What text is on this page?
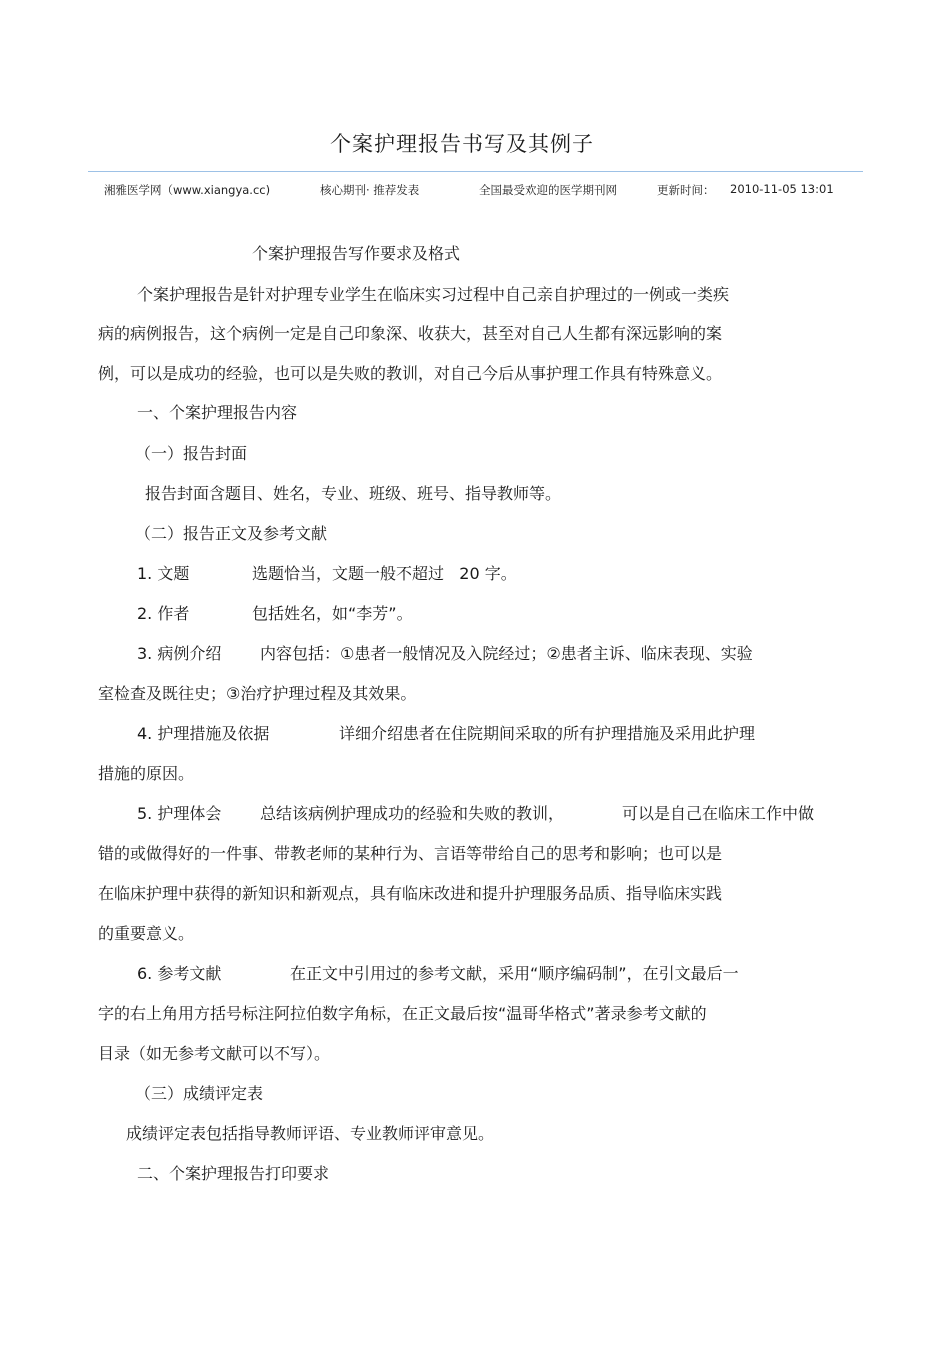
个案护理报告书写及其例子
湘雅医学网（www.xiangya.cc)	核心期刊· 推荐发表	全国最受欢迎的医学期刊网	更新时间： 2010-11-05 13:01
个案护理报告写作要求及格式
个案护理报告是针对护理专业学生在临床实习过程中自己亲自护理过的一例或一类疾
病的病例报告，这个病例一定是自己印象深、收获大，甚至对自己人生都有深远影响的案
例，可以是成功的经验，也可以是失败的教训，对自己今后从事护理工作具有特殊意义。
一、个案护理报告内容
（一）报告封面
报告封面含题目、姓名，专业、班级、班号、指导教师等。
（二）报告正文及参考文献
1. 文题	选题恰当，文题一般不超过   20 字。
2. 作者	包括姓名，如“李芳”。
3. 病例介绍 内容包括：①患者一般情况及入院经过；②患者主诉、临床表现、实验
室检查及既往史；③治疗护理过程及其效果。
4. 护理措施及依据	详细介绍患者在住院期间采取的所有护理措施及采用此护理
措施的原因。
5. 护理体会 总结该病例护理成功的经验和失败的教训，	可以是自己在临床工作中做
错的或做得好的一件事、带教老师的某种行为、言语等带给自己的思考和影响；也可以是
在临床护理中获得的新知识和新观点，具有临床改进和提升护理服务品质、指导临床实践
的重要意义。
6. 参考文献	在正文中引用过的参考文献，采用“顺序编码制”，在引文最后一
字的右上角用方括号标注阿拉伯数字角标，在正文最后按“温哥华格式”著录参考文献的
目录（如无参考文献可以不写）。
（三）成绩评定表
成绩评定表包括指导教师评语、专业教师评审意见。
二、个案护理报告打印要求
